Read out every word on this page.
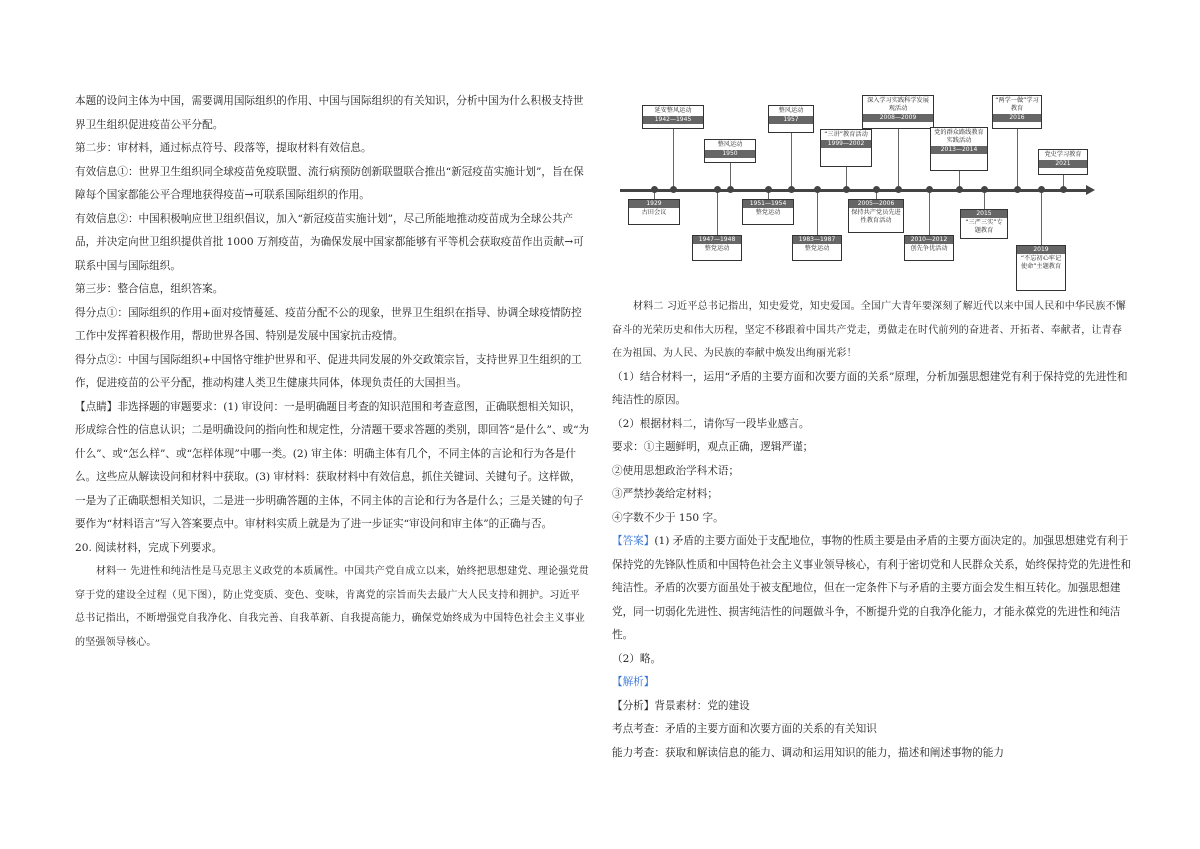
本题的设问主体为中国，需要调用国际组织的作用、中国与国际组织的有关知识，分析中国为什么积极支持世界卫生组织促进疫苗公平分配。

第二步：审材料，通过标点符号、段落等，提取材料有效信息。

有效信息①：世界卫生组织同全球疫苗免疫联盟、流行病预防创新联盟联合推出“新冠疫苗实施计划”，旨在保障每个国家都能公平合理地获得疫苗→可联系国际组织的作用。

有效信息②：中国积极响应世卫组织倡议，加入“新冠疫苗实施计划”，尽己所能地推动疫苗成为全球公共产品，并决定向世卫组织提供首批 1000 万剂疫苗，为确保发展中国家都能够有平等机会获取疫苗作出贡献→可联系中国与国际组织。

第三步：整合信息，组织答案。

得分点①：国际组织的作用+面对疫情蔓延、疫苗分配不公的现象，世界卫生组织在指导、协调全球疫情防控工作中发挥着积极作用，帮助世界各国、特别是发展中国家抗击疫情。

得分点②：中国与国际组织+中国恪守维护世界和平、促进共同发展的外交政策宗旨，支持世界卫生组织的工作，促进疫苗的公平分配，推动构建人类卫生健康共同体，体现负责任的大国担当。

【点睛】非选择题的审题要求：(1) 审设问：一是明确题目考查的知识范围和考查意图，正确联想相关知识，形成综合性的信息认识；二是明确设问的指向性和规定性，分清题干要求答题的类别，即回答“是什么”、或“为什么”、或“怎么样”、或“怎样体现”中哪一类。(2) 审主体：明确主体有几个，不同主体的言论和行为各是什么。这些应从解读设问和材料中获取。(3) 审材料：获取材料中有效信息，抓住关键词、关键句子。这样做，一是为了正确联想相关知识，二是进一步明确答题的主体，不同主体的言论和行为各是什么；三是关键的句子要作为“材料语言”写入答案要点中。审材料实质上就是为了进一步证实“审设问和审主体”的正确与否。

20. 阅读材料，完成下列要求。

材料一 先进性和纯洁性是马克思主义政党的本质属性。中国共产党自成立以来，始终把思想建党、理论强党贯穿于党的建设全过程（见下图），防止党变质、变色、变味，肯离党的宗旨而失去最广大人民支持和拥护。习近平总书记指出，不断增强党自我净化、自我完善、自我革新、自我提高能力，确保党始终成为中国特色社会主义事业的坚强领导核心。

延安整风运动
1942—1945
整风运动
1950
整风运动
1957
“三讲”教育活动
1999—2002
深入学习实践科学发展观活动
2008—2009
党的群众路线教育实践活动
2013—2014
“两学一做”学习教育
2016
党史学习教育
2021
1929
古田会议
1947—1948
整党运动
1951—1954
整党运动
1983—1987
整党运动
2005—2006
保持共产党员先进性教育活动
2010—2012
创先争优活动
2015
“三严三实”专题教育
2019
“不忘初心牢记使命”主题教育

材料二 习近平总书记指出，知史爱党，知史爱国。全国广大青年要深刻了解近代以来中国人民和中华民族不懈奋斗的光荣历史和伟大历程，坚定不移跟着中国共产党走，勇做走在时代前列的奋进者、开拓者、奉献者，让青春在为祖国、为人民、为民族的奉献中焕发出绚丽光彩！

（1）结合材料一，运用“矛盾的主要方面和次要方面的关系”原理，分析加强思想建党有利于保持党的先进性和纯洁性的原因。

（2）根据材料二，请你写一段毕业感言。

要求：①主题鲜明，观点正确，逻辑严谨；

②使用思想政治学科术语；

③严禁抄袭给定材料；

④字数不少于 150 字。

【答案】(1) 矛盾的主要方面处于支配地位，事物的性质主要是由矛盾的主要方面决定的。加强思想建党有利于保持党的先锋队性质和中国特色社会主义事业领导核心，有利于密切党和人民群众关系，始终保持党的先进性和纯洁性。矛盾的次要方面虽处于被支配地位，但在一定条件下与矛盾的主要方面会发生相互转化。加强思想建党，同一切弱化先进性、损害纯洁性的问题做斗争，不断提升党的自我净化能力，才能永葆党的先进性和纯洁性。

（2）略。

【解析】

【分析】背景素材：党的建设

考点考查：矛盾的主要方面和次要方面的关系的有关知识

能力考查：获取和解读信息的能力、调动和运用知识的能力，描述和阐述事物的能力
